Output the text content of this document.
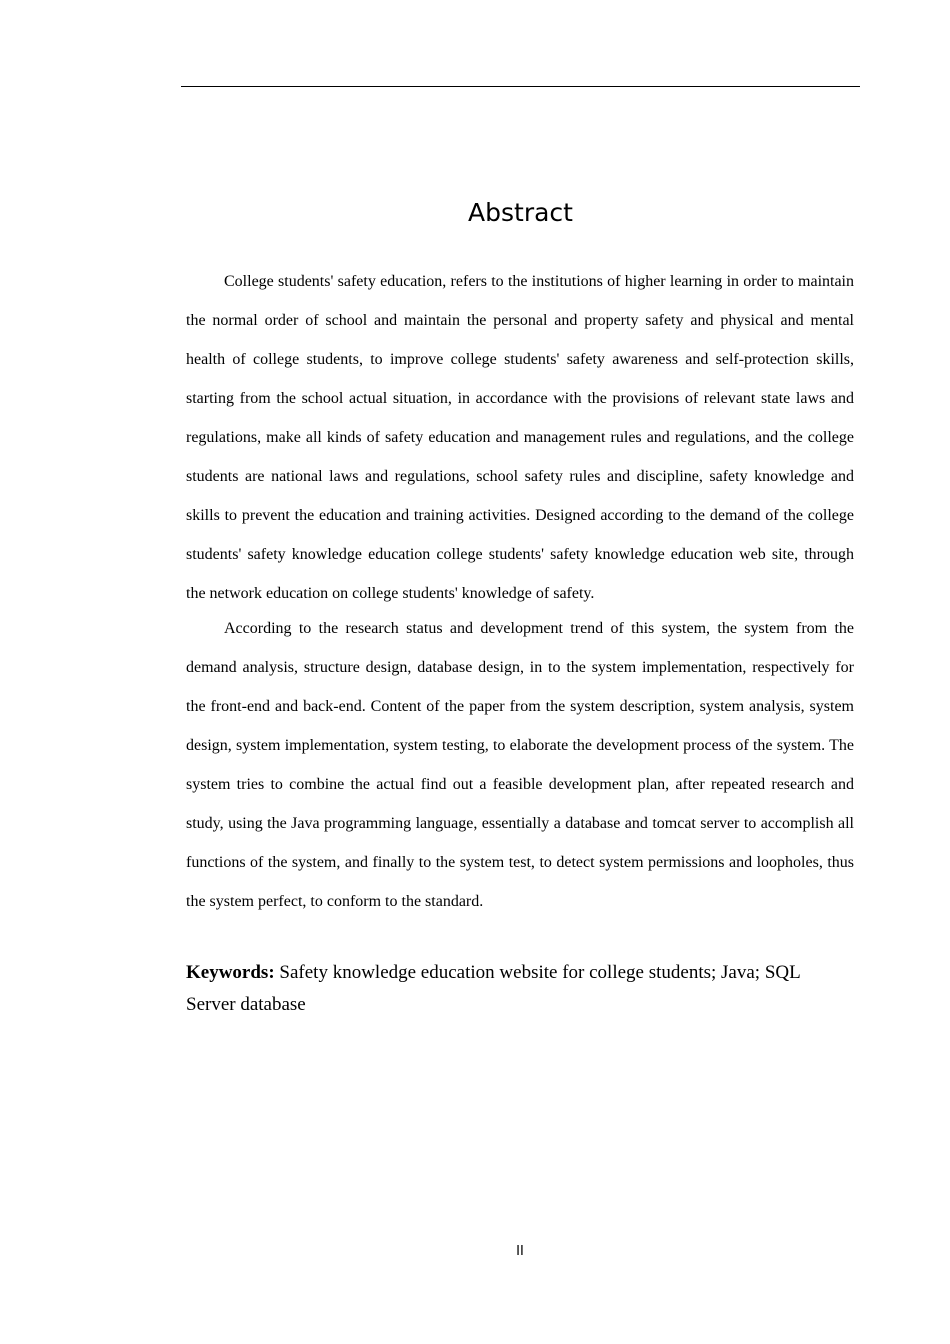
Abstract

College students' safety education, refers to the institutions of higher learning in order to maintain the normal order of school and maintain the personal and property safety and physical and mental health of college students, to improve college students' safety awareness and self-protection skills, starting from the school actual situation, in accordance with the provisions of relevant state laws and regulations, make all kinds of safety education and management rules and regulations, and the college students are national laws and regulations, school safety rules and discipline, safety knowledge and skills to prevent the education and training activities. Designed according to the demand of the college students' safety knowledge education college students' safety knowledge education web site, through the network education on college students' knowledge of safety.

According to the research status and development trend of this system, the system from the demand analysis, structure design, database design, in to the system implementation, respectively for the front-end and back-end. Content of the paper from the system description, system analysis, system design, system implementation, system testing, to elaborate the development process of the system. The system tries to combine the actual find out a feasible development plan, after repeated research and study, using the Java programming language, essentially a database and tomcat server to accomplish all functions of the system, and finally to the system test, to detect system permissions and loopholes, thus the system perfect, to conform to the standard.

Keywords: Safety knowledge education website for college students; Java; SQL Server database

II
